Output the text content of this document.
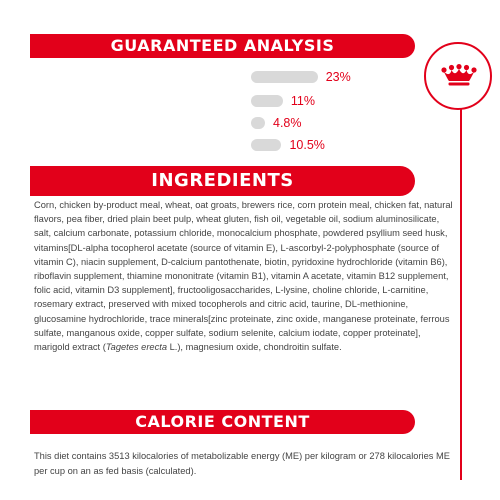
GUARANTEED ANALYSIS
23%
11%
4.8%
10.5%
INGREDIENTS

Corn, chicken by-product meal, wheat, oat groats, brewers rice, corn protein meal, chicken fat, natural flavors, pea fiber, dried plain beet pulp, wheat gluten, fish oil, vegetable oil, sodium aluminosilicate, salt, calcium carbonate, potassium chloride, monocalcium phosphate, powdered psyllium seed husk, vitamins[DL-alpha tocopherol acetate (source of vitamin E), L-ascorbyl-2-polyphosphate (source of vitamin C), niacin supplement, D-calcium pantothenate, biotin, pyridoxine hydrochloride (vitamin B6), riboflavin supplement, thiamine mononitrate (vitamin B1), vitamin A acetate, vitamin B12 supplement, folic acid, vitamin D3 supplement], fructooligosaccharides, L-lysine, choline chloride, L-carnitine, rosemary extract, preserved with mixed tocopherols and citric acid, taurine, DL-methionine, glucosamine hydrochloride, trace minerals[zinc proteinate, zinc oxide, manganese proteinate, ferrous sulfate, manganous oxide, copper sulfate, sodium selenite, calcium iodate, copper proteinate], marigold extract (Tagetes erecta L.), magnesium oxide, chondroitin sulfate.

CALORIE CONTENT

This diet contains 3513 kilocalories of metabolizable energy (ME) per kilogram or 278 kilocalories ME per cup on an as fed basis (calculated).
